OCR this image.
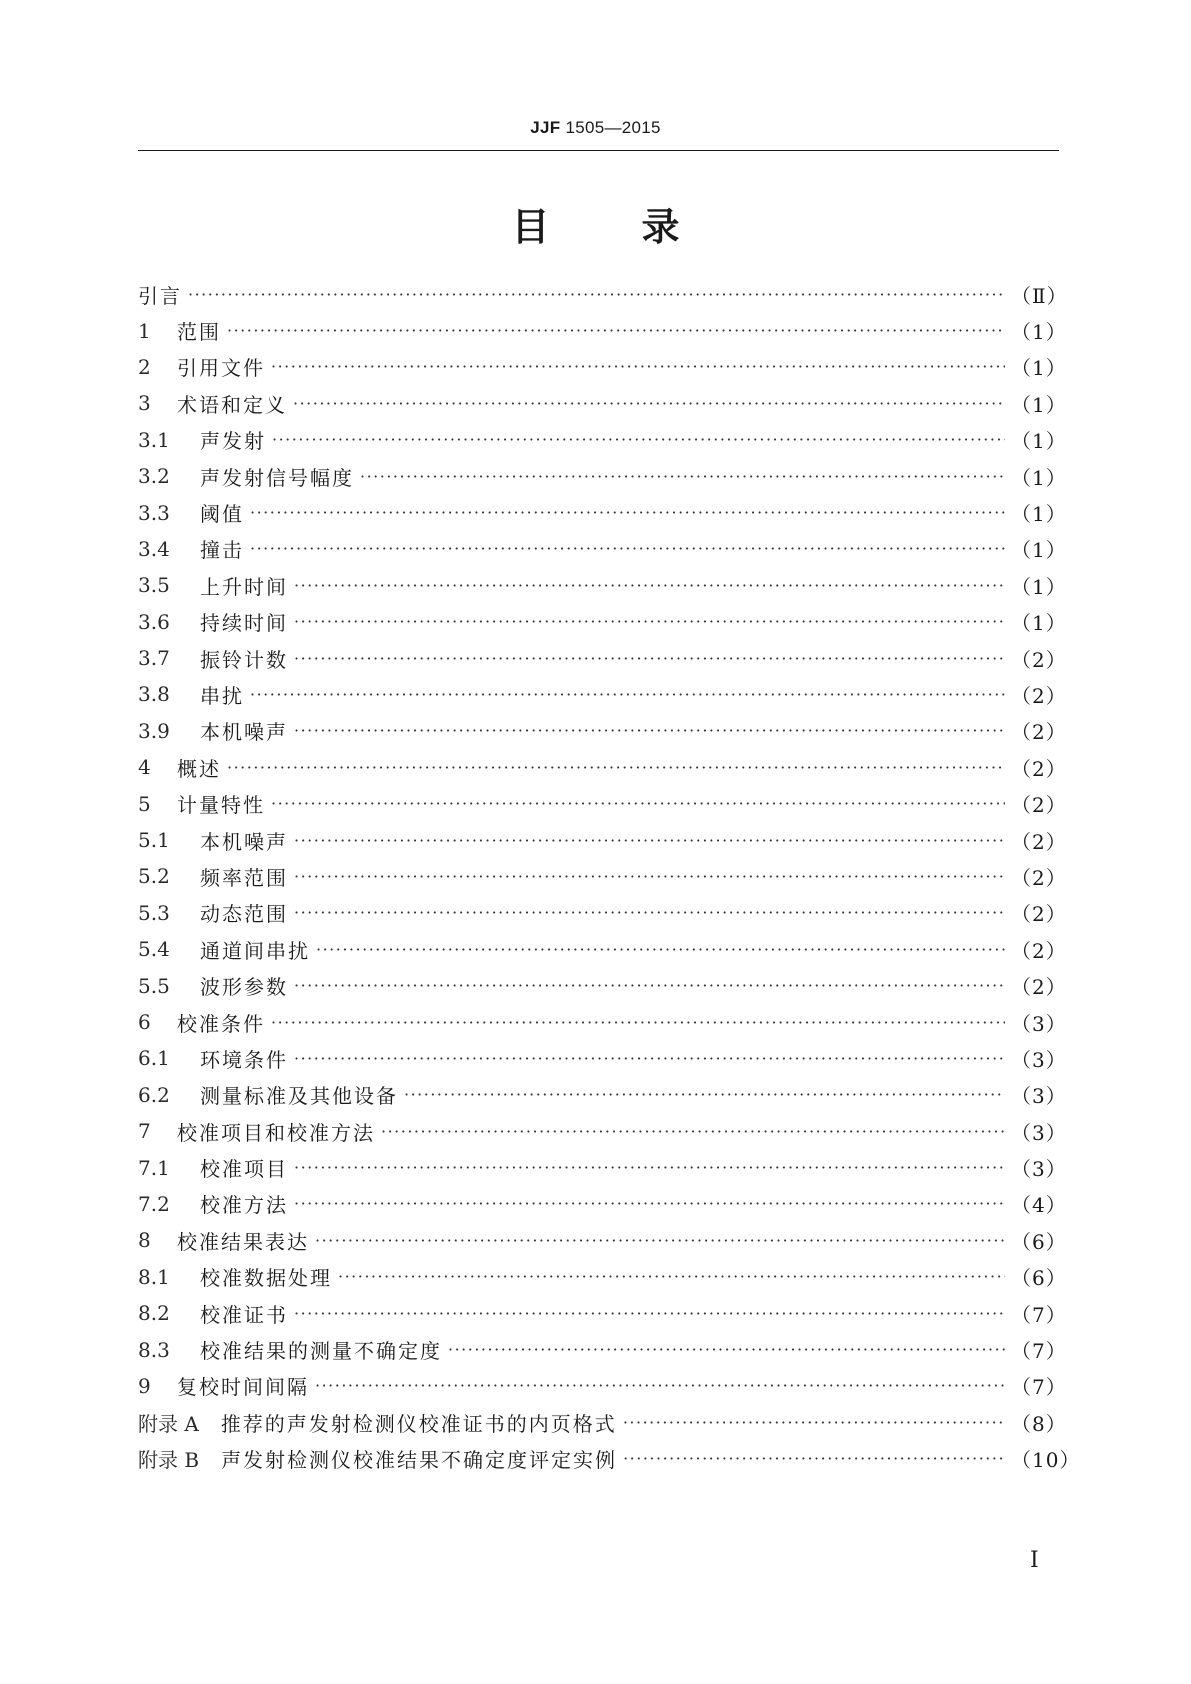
JJF 1505—2015
目 录
引言 ·····	（Ⅱ）
1	范围 ·····	（1）
2	引用文件 ·····	（1）
3	术语和定义 ·····	（1）
3.1	声发射 ·····	（1）
3.2	声发射信号幅度 ·····	（1）
3.3	阈值 ·····	（1）
3.4	撞击 ·····	（1）
3.5	上升时间 ·····	（1）
3.6	持续时间 ·····	（1）
3.7	振铃计数 ·····	（2）
3.8	串扰 ·····	（2）
3.9	本机噪声 ·····	（2）
4	概述 ·····	（2）
5	计量特性 ·····	（2）
5.1	本机噪声 ·····	（2）
5.2	频率范围 ·····	（2）
5.3	动态范围 ·····	（2）
5.4	通道间串扰 ·····	（2）
5.5	波形参数 ·····	（2）
6	校准条件 ·····	（3）
6.1	环境条件 ·····	（3）
6.2	测量标准及其他设备 ·····	（3）
7	校准项目和校准方法 ·····	（3）
7.1	校准项目 ·····	（3）
7.2	校准方法 ·····	（4）
8	校准结果表达 ·····	（6）
8.1	校准数据处理 ·····	（6）
8.2	校准证书 ·····	（7）
8.3	校准结果的测量不确定度 ·····	（7）
9	复校时间间隔 ·····	（7）
附录 A 推荐的声发射检测仪校准证书的内页格式 ·····	（8）
附录 B 声发射检测仪校准结果不确定度评定实例 ·····	（10）
Ⅰ
